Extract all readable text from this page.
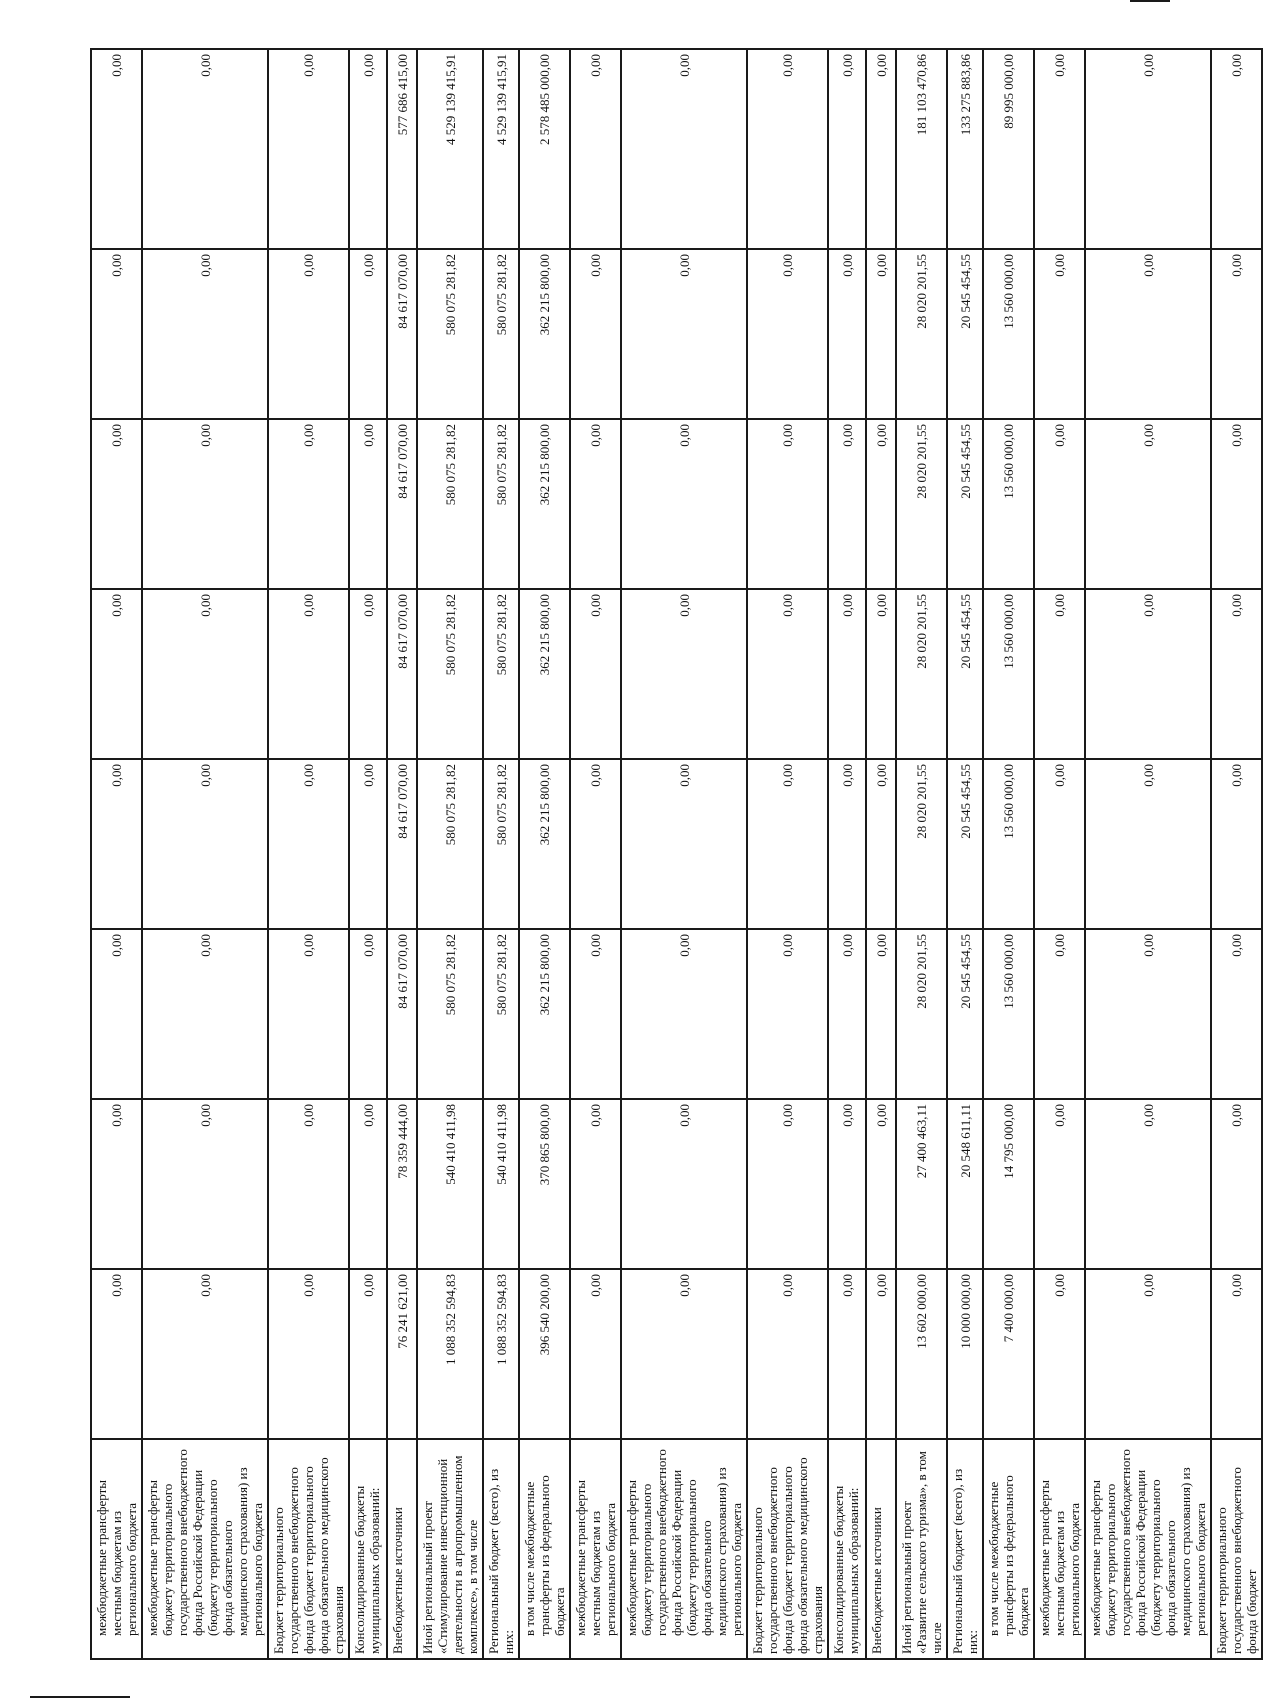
межбюджетные трансферты местным бюджетам из регионального бюджета	0,00	0,00	0,00	0,00	0,00	0,00	0,00	0,00
межбюджетные трансферты бюджету территориального государственного внебюджетного фонда Российской Федерации (бюджету территориального фонда обязательного медицинского страхования) из регионального бюджета	0,00	0,00	0,00	0,00	0,00	0,00	0,00	0,00
Бюджет территориального государственного внебюджетного фонда (бюджет территориального фонда обязательного медицинского страхования	0,00	0,00	0,00	0,00	0,00	0,00	0,00	0,00
Консолидированные бюджеты муниципальных образований:	0,00	0,00	0,00	0,00	0,00	0,00	0,00	0,00
Внебюджетные источники	76 241 621,00	78 359 444,00	84 617 070,00	84 617 070,00	84 617 070,00	84 617 070,00	84 617 070,00	577 686 415,00
Иной региональный проект «Стимулирование инвестиционной деятельности в агропромышленном комплексе», в том числе	1 088 352 594,83	540 410 411,98	580 075 281,82	580 075 281,82	580 075 281,82	580 075 281,82	580 075 281,82	4 529 139 415,91
Региональный бюджет (всего), из них:	1 088 352 594,83	540 410 411,98	580 075 281,82	580 075 281,82	580 075 281,82	580 075 281,82	580 075 281,82	4 529 139 415,91
в том числе межбюджетные трансферты из федерального бюджета	396 540 200,00	370 865 800,00	362 215 800,00	362 215 800,00	362 215 800,00	362 215 800,00	362 215 800,00	2 578 485 000,00
межбюджетные трансферты местным бюджетам из регионального бюджета	0,00	0,00	0,00	0,00	0,00	0,00	0,00	0,00
межбюджетные трансферты бюджету территориального государственного внебюджетного фонда Российской Федерации (бюджету территориального фонда обязательного медицинского страхования) из регионального бюджета	0,00	0,00	0,00	0,00	0,00	0,00	0,00	0,00
Бюджет территориального государственного внебюджетного фонда (бюджет территориального фонда обязательного медицинского страхования	0,00	0,00	0,00	0,00	0,00	0,00	0,00	0,00
Консолидированные бюджеты муниципальных образований:	0,00	0,00	0,00	0,00	0,00	0,00	0,00	0,00
Внебюджетные источники	0,00	0,00	0,00	0,00	0,00	0,00	0,00	0,00
Иной региональный проект «Развитие сельского туризма», в том числе	13 602 000,00	27 400 463,11	28 020 201,55	28 020 201,55	28 020 201,55	28 020 201,55	28 020 201,55	181 103 470,86
Региональный бюджет (всего), из них:	10 000 000,00	20 548 611,11	20 545 454,55	20 545 454,55	20 545 454,55	20 545 454,55	20 545 454,55	133 275 883,86
в том числе межбюджетные трансферты из федерального бюджета	7 400 000,00	14 795 000,00	13 560 000,00	13 560 000,00	13 560 000,00	13 560 000,00	13 560 000,00	89 995 000,00
межбюджетные трансферты местным бюджетам из регионального бюджета	0,00	0,00	0,00	0,00	0,00	0,00	0,00	0,00
межбюджетные трансферты бюджету территориального государственного внебюджетного фонда Российской Федерации (бюджету территориального фонда обязательного медицинского страхования) из регионального бюджета	0,00	0,00	0,00	0,00	0,00	0,00	0,00	0,00
Бюджет территориального государственного внебюджетного фонда (бюджет	0,00	0,00	0,00	0,00	0,00	0,00	0,00	0,00
